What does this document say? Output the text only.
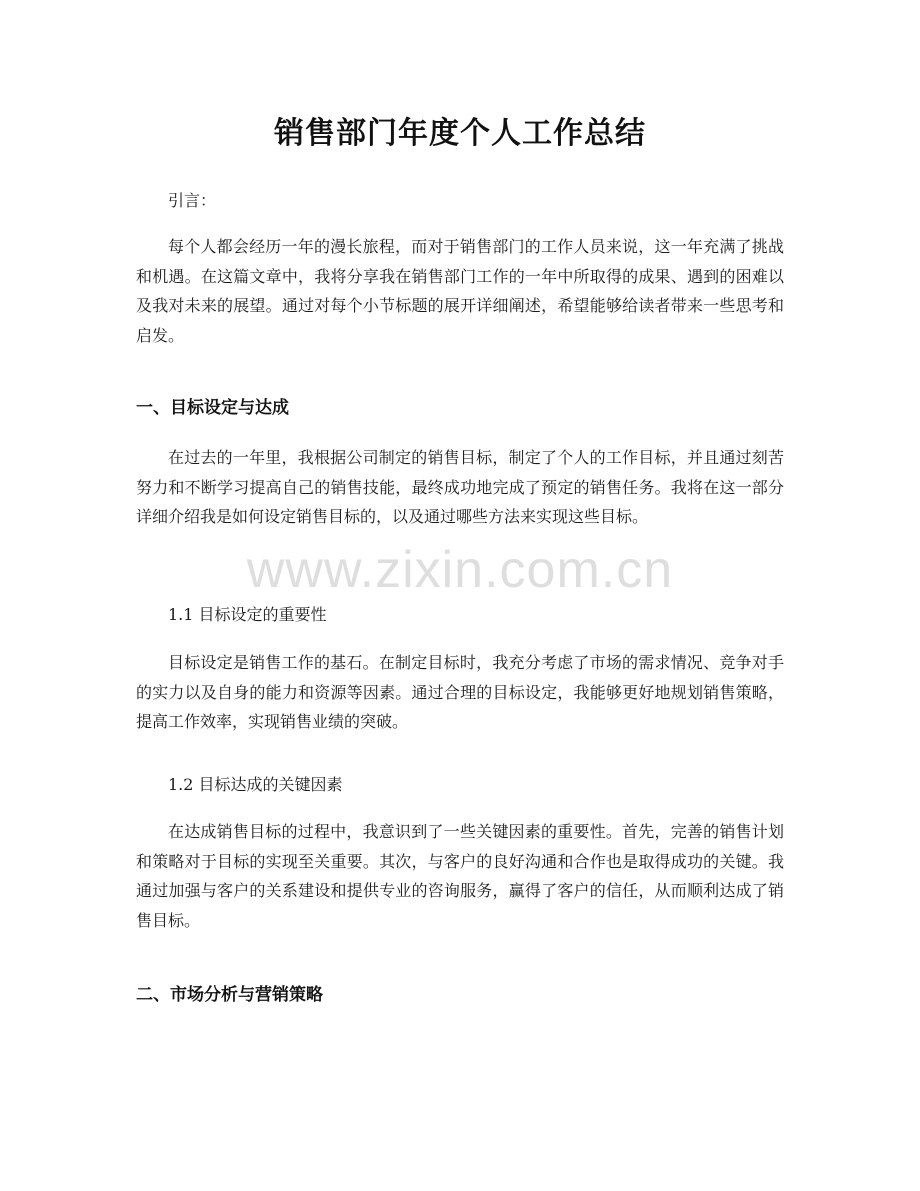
销售部门年度个人工作总结
引言：
每个人都会经历一年的漫长旅程，而对于销售部门的工作人员来说，这一年充满了挑战和机遇。在这篇文章中，我将分享我在销售部门工作的一年中所取得的成果、遇到的困难以及我对未来的展望。通过对每个小节标题的展开详细阐述，希望能够给读者带来一些思考和启发。
一、目标设定与达成
在过去的一年里，我根据公司制定的销售目标，制定了个人的工作目标，并且通过刻苦努力和不断学习提高自己的销售技能，最终成功地完成了预定的销售任务。我将在这一部分详细介绍我是如何设定销售目标的，以及通过哪些方法来实现这些目标。
1.1 目标设定的重要性
目标设定是销售工作的基石。在制定目标时，我充分考虑了市场的需求情况、竞争对手的实力以及自身的能力和资源等因素。通过合理的目标设定，我能够更好地规划销售策略，提高工作效率，实现销售业绩的突破。
1.2 目标达成的关键因素
在达成销售目标的过程中，我意识到了一些关键因素的重要性。首先，完善的销售计划和策略对于目标的实现至关重要。其次，与客户的良好沟通和合作也是取得成功的关键。我通过加强与客户的关系建设和提供专业的咨询服务，赢得了客户的信任，从而顺利达成了销售目标。
二、市场分析与营销策略
www.zixin.com.cn
